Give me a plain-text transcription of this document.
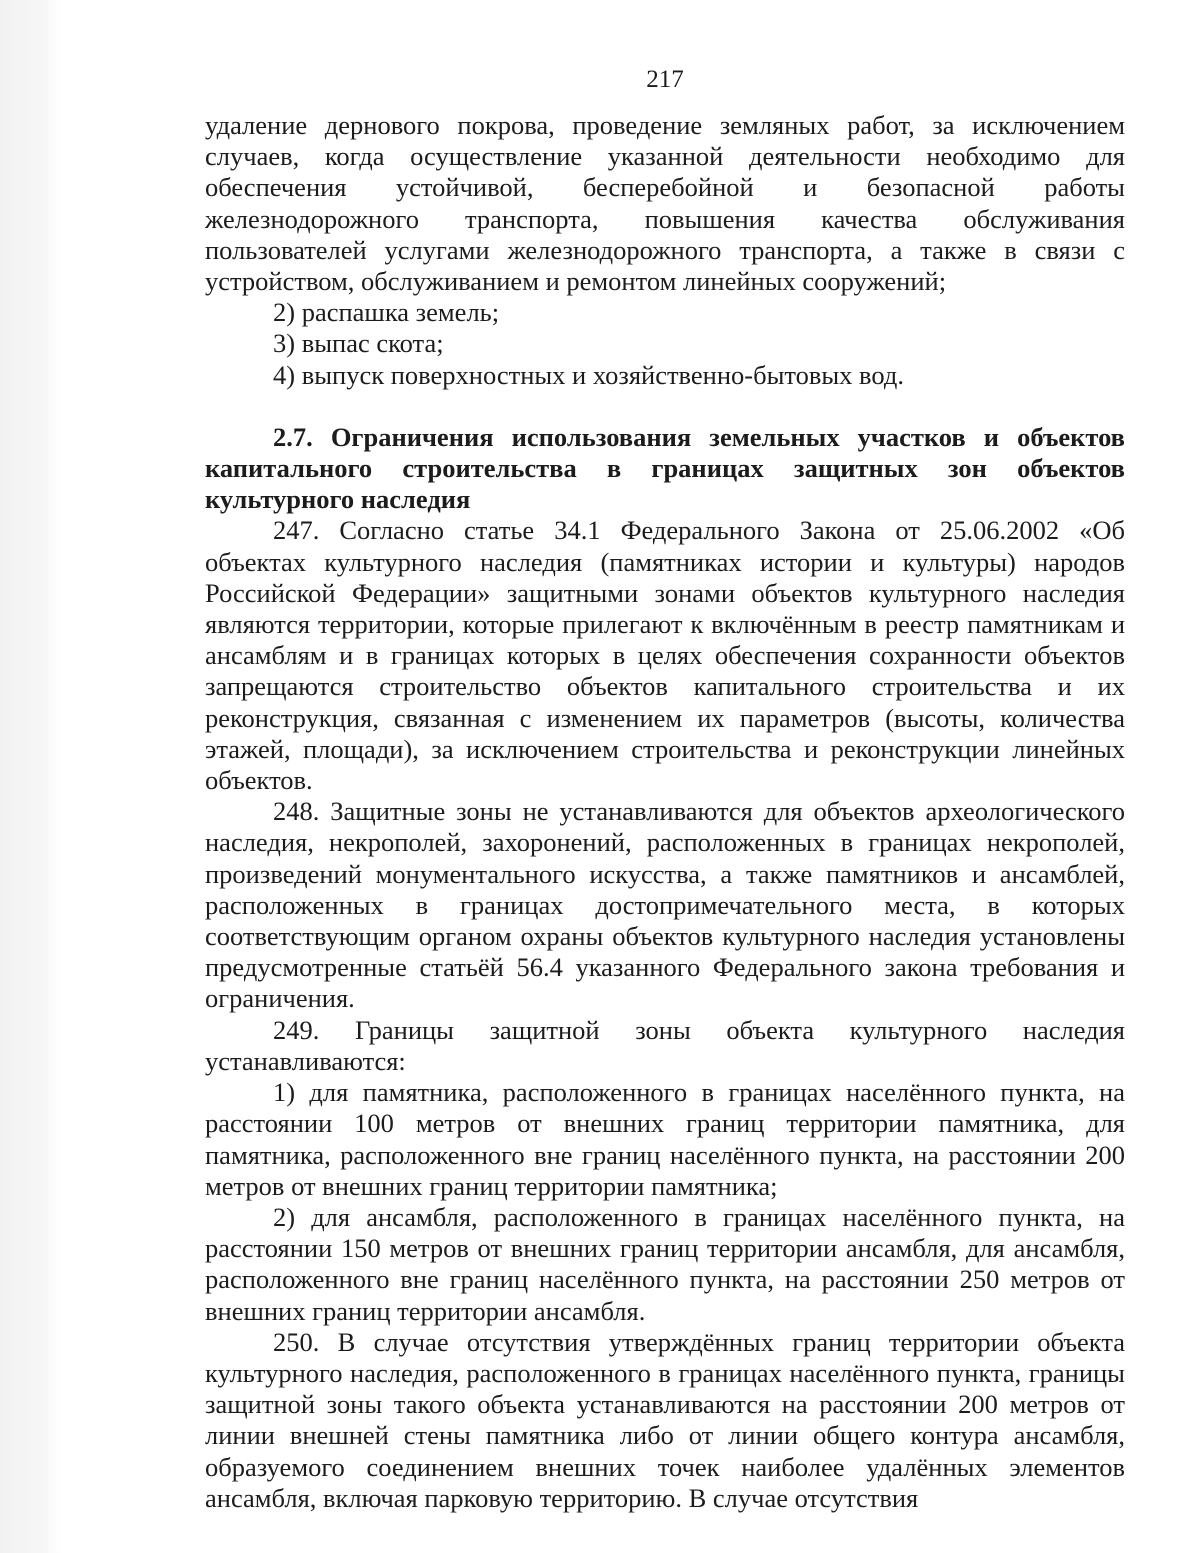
217

удаление дернового покрова, проведение земляных работ, за исключением случаев, когда осуществление указанной деятельности необходимо для обеспечения устойчивой, бесперебойной и безопасной работы железнодорожного транспорта, повышения качества обслуживания пользователей услугами железнодорожного транспорта, а также в связи с устройством, обслуживанием и ремонтом линейных сооружений;

2) распашка земель;

3) выпас скота;

4) выпуск поверхностных и хозяйственно-бытовых вод.

2.7. Ограничения использования земельных участков и объектов капитального строительства в границах защитных зон объектов культурного наследия

247. Согласно статье 34.1 Федерального Закона от 25.06.2002 «Об объектах культурного наследия (памятниках истории и культуры) народов Российской Федерации» защитными зонами объектов культурного наследия являются территории, которые прилегают к включённым в реестр памятникам и ансамблям и в границах которых в целях обеспечения сохранности объектов запрещаются строительство объектов капитального строительства и их реконструкция, связанная с изменением их параметров (высоты, количества этажей, площади), за исключением строительства и реконструкции линейных объектов.

248. Защитные зоны не устанавливаются для объектов археологического наследия, некрополей, захоронений, расположенных в границах некрополей, произведений монументального искусства, а также памятников и ансамблей, расположенных в границах достопримечательного места, в которых соответствующим органом охраны объектов культурного наследия установлены предусмотренные статьёй 56.4 указанного Федерального закона требования и ограничения.

249. Границы защитной зоны объекта культурного наследия устанавливаются:

1) для памятника, расположенного в границах населённого пункта, на расстоянии 100 метров от внешних границ территории памятника, для памятника, расположенного вне границ населённого пункта, на расстоянии 200 метров от внешних границ территории памятника;

2) для ансамбля, расположенного в границах населённого пункта, на расстоянии 150 метров от внешних границ территории ансамбля, для ансамбля, расположенного вне границ населённого пункта, на расстоянии 250 метров от внешних границ территории ансамбля.

250. В случае отсутствия утверждённых границ территории объекта культурного наследия, расположенного в границах населённого пункта, границы защитной зоны такого объекта устанавливаются на расстоянии 200 метров от линии внешней стены памятника либо от линии общего контура ансамбля, образуемого соединением внешних точек наиболее удалённых элементов ансамбля, включая парковую территорию. В случае отсутствия
